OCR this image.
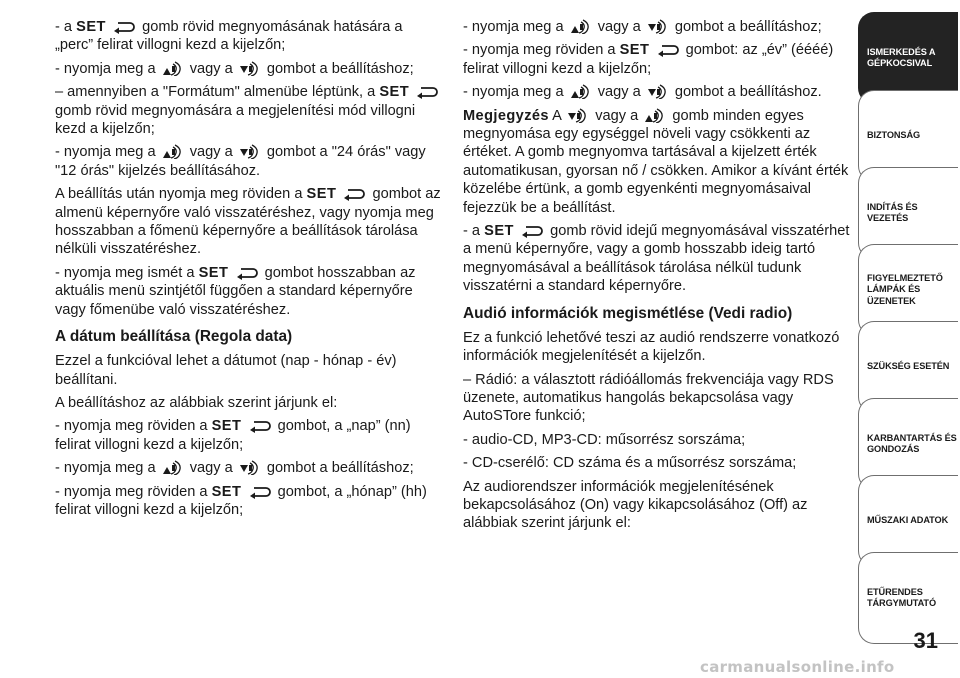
- a SET gomb rövid megnyomásának hatására a „perc” felirat villogni kezd a kijelzőn;

- nyomja meg a vagy a gombot a beállításhoz;

– amennyiben a "Formátum" almenübe léptünk, a SET
gomb rövid megnyomására a megjelenítési mód villogni kezd a kijelzőn;

- nyomja meg a vagy a gombot a "24 órás" vagy "12 órás" kijelzés beállításához.

A beállítás után nyomja meg röviden a SET gombot az almenü képernyőre való visszatéréshez, vagy nyomja meg hosszabban a főmenü képernyőre a beállítások tárolása nélküli visszatéréshez.

- nyomja meg ismét a SET gombot hosszabban az aktuális menü szintjétől függően a standard képernyőre vagy főmenübe való visszatéréshez.

A dátum beállítása (Regola data)

Ezzel a funkcióval lehet a dátumot (nap - hónap - év) beállítani.

A beállításhoz az alábbiak szerint járjunk el:

- nyomja meg röviden a SET gombot, a „nap” (nn) felirat villogni kezd a kijelzőn;

- nyomja meg a vagy a gombot a beállításhoz;

- nyomja meg röviden a SET gombot, a „hónap” (hh) felirat villogni kezd a kijelzőn;

- nyomja meg a vagy a gombot a beállításhoz;

- nyomja meg röviden a SET gombot: az „év” (éééé) felirat villogni kezd a kijelzőn;

- nyomja meg a vagy a gombot a beállításhoz.

Megjegyzés A vagy a gomb minden egyes megnyomása egy egységgel növeli vagy csökkenti az értéket. A gomb megnyomva tartásával a kijelzett érték automatikusan, gyorsan nő / csökken. Amikor a kívánt érték közelébe értünk, a gomb egyenkénti megnyomásaival fejezzük be a beállítást.

- a SET gomb rövid idejű megnyomásával visszatérhet a menü képernyőre, vagy a gomb hosszabb ideig tartó megnyomásával a beállítások tárolása nélkül tudunk visszatérni a standard képernyőre.

Audió információk megismétlése (Vedi radio)

Ez a funkció lehetővé teszi az audió rendszerre vonatkozó információk megjelenítését a kijelzőn.

– Rádió: a választott rádióállomás frekvenciája vagy RDS üzenete, automatikus hangolás bekapcsolása vagy AutoSTore funkció;

- audio-CD, MP3-CD: műsorrész sorszáma;

- CD-cserélő: CD száma és a műsorrész sorszáma;

Az audiorendszer információk megjelenítésének bekapcsolásához (On) vagy kikapcsolásához (Off) az alábbiak szerint járjunk el:

ISMERKEDÉS A
GÉPKOCSIVAL
BIZTONSÁG
INDÍTÁS ÉS VEZETÉS
FIGYELMEZTETŐ
LÁMPÁK ÉS
ÜZENETEK
SZÜKSÉG ESETÉN
KARBANTARTÁS ÉS
GONDOZÁS
MŰSZAKI ADATOK
ETŰRENDES
TÁRGYMUTATÓ
31
carmanualsonline.info
